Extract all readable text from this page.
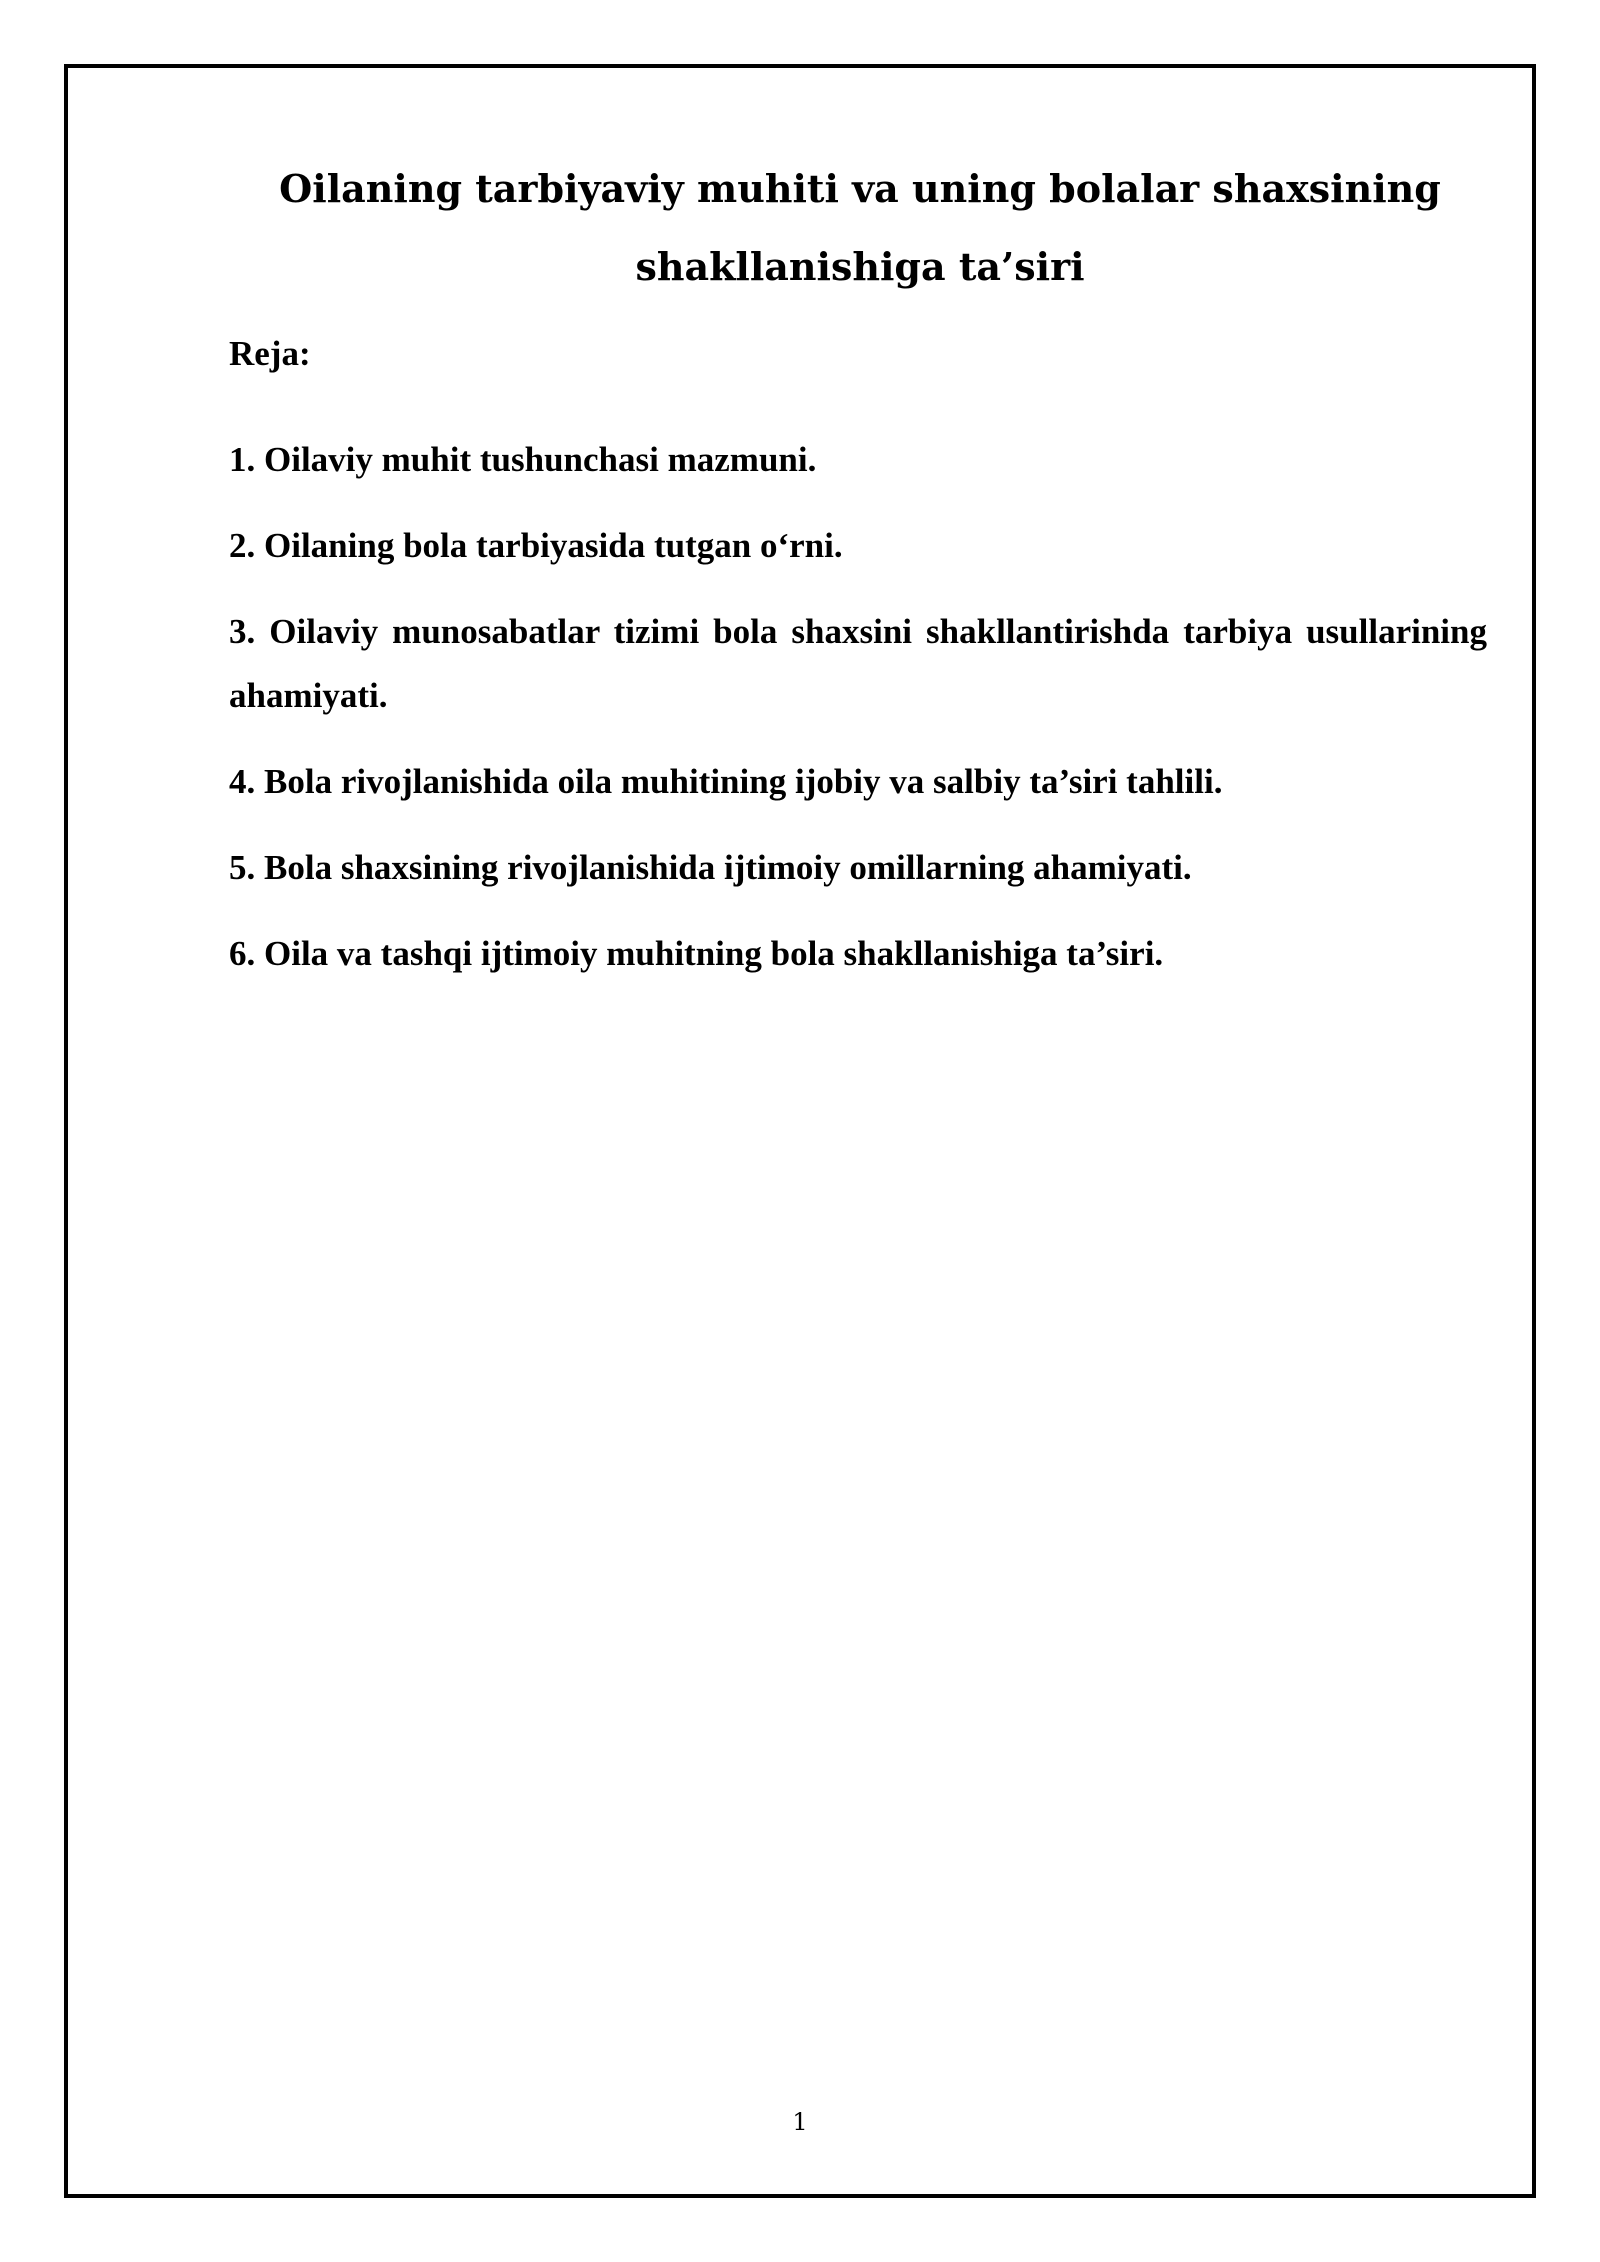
Oilaning tarbiyaviy muhiti va uning bolalar shaxsining
shakllanishiga ta’siri

Reja:

1. Oilaviy muhit tushunchasi mazmuni.
2. Oilaning bola tarbiyasida tutgan o‘rni.
3. Oilaviy munosabatlar tizimi bola shaxsini shakllantirishda tarbiya usullarining ahamiyati.
4. Bola rivojlanishida oila muhitining ijobiy va salbiy ta’siri tahlili.
5. Bola shaxsining rivojlanishida ijtimoiy omillarning ahamiyati.
6. Oila va tashqi ijtimoiy muhitning bola shakllanishiga ta’siri.
1
